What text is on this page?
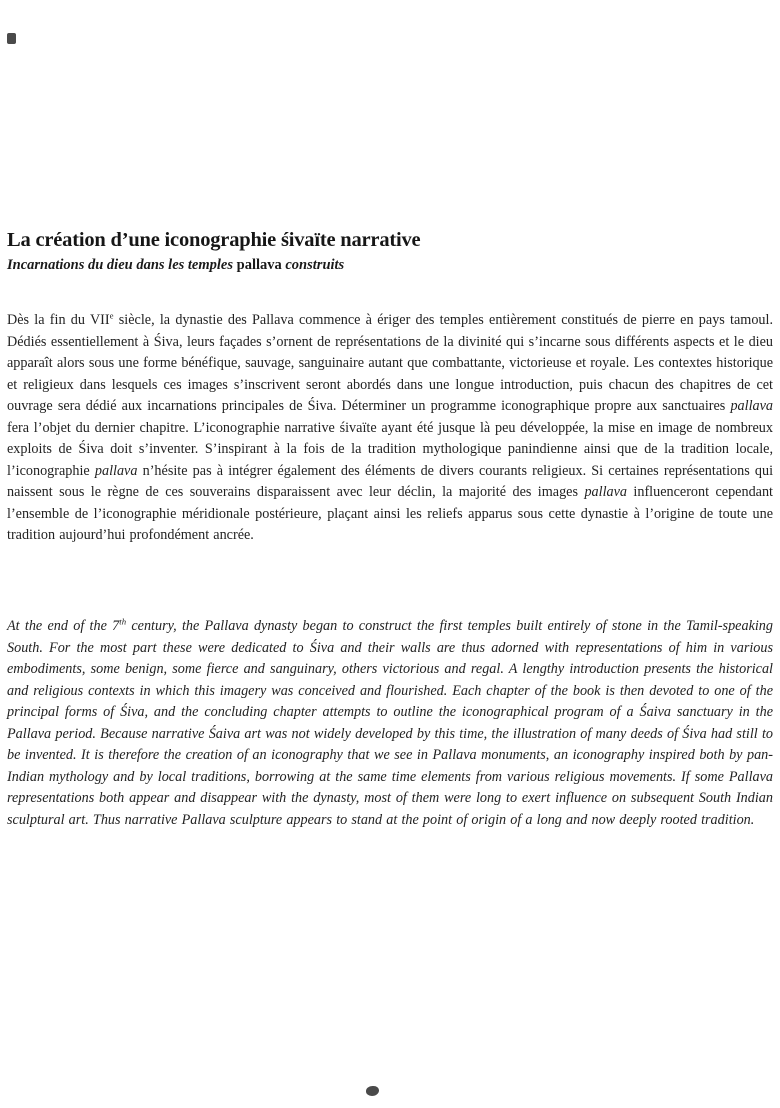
La création d’une iconographie śivaïte narrative
Incarnations du dieu dans les temples pallava construits

Dès la fin du VIIe siècle, la dynastie des Pallava commence à ériger des temples entièrement constitués de pierre en pays tamoul. Dédiés essentiellement à Śiva, leurs façades s’ornent de représentations de la divinité qui s’incarne sous différents aspects et le dieu apparaît alors sous une forme bénéfique, sauvage, sanguinaire autant que combattante, victorieuse et royale. Les contextes historique et religieux dans lesquels ces images s’inscrivent seront abordés dans une longue introduction, puis chacun des chapitres de cet ouvrage sera dédié aux incarnations principales de Śiva. Déterminer un programme iconographique propre aux sanctuaires pallava fera l’objet du dernier chapitre. L’iconographie narrative śivaïte ayant été jusque là peu développée, la mise en image de nombreux exploits de Śiva doit s’inventer. S’inspirant à la fois de la tradition mythologique panindienne ainsi que de la tradition locale, l’iconographie pallava n’hésite pas à intégrer également des éléments de divers courants religieux. Si certaines représentations qui naissent sous le règne de ces souverains disparaissent avec leur déclin, la majorité des images pallava influenceront cependant l’ensemble de l’iconographie méridionale postérieure, plaçant ainsi les reliefs apparus sous cette dynastie à l’origine de toute une tradition aujourd’hui profondément ancrée.

At the end of the 7th century, the Pallava dynasty began to construct the first temples built entirely of stone in the Tamil-speaking South. For the most part these were dedicated to Śiva and their walls are thus adorned with representations of him in various embodiments, some benign, some fierce and sanguinary, others victorious and regal. A lengthy introduction presents the historical and religious contexts in which this imagery was conceived and flourished. Each chapter of the book is then devoted to one of the principal forms of Śiva, and the concluding chapter attempts to outline the iconographical program of a Śaiva sanctuary in the Pallava period. Because narrative Śaiva art was not widely developed by this time, the illustration of many deeds of Śiva had still to be invented. It is therefore the creation of an iconography that we see in Pallava monuments, an iconography inspired both by pan-Indian mythology and by local traditions, borrowing at the same time elements from various religious movements. If some Pallava representations both appear and disappear with the dynasty, most of them were long to exert influence on subsequent South Indian sculptural art. Thus narrative Pallava sculpture appears to stand at the point of origin of a long and now deeply rooted tradition.
